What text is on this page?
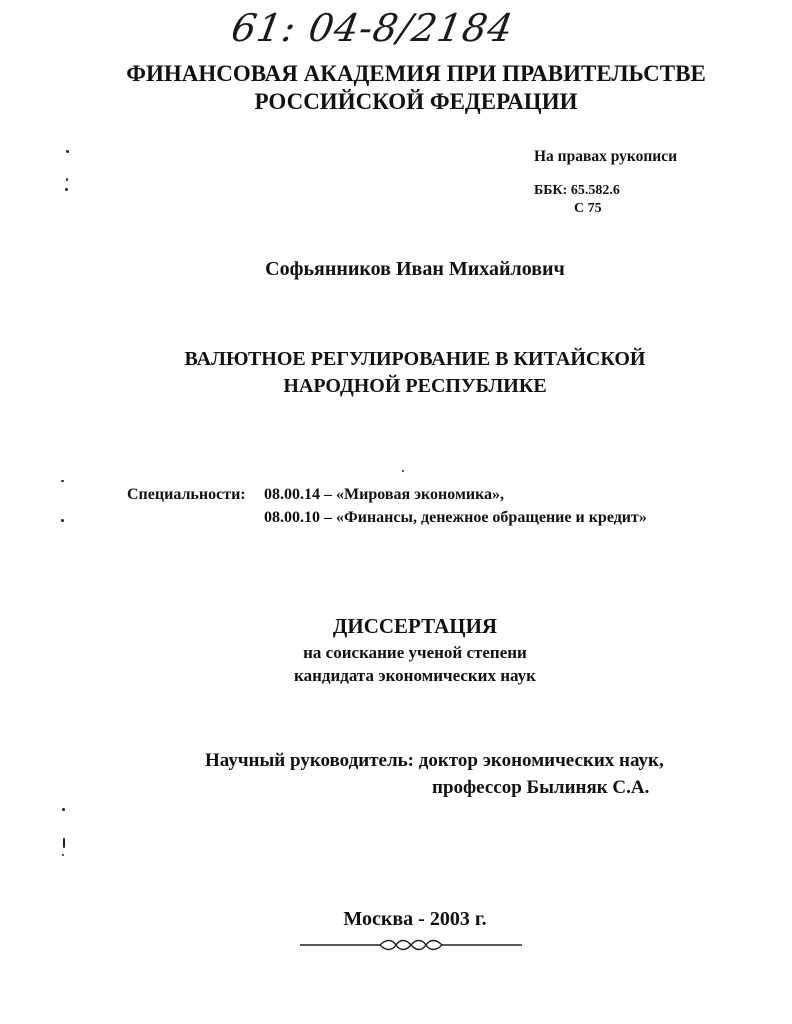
61: 04-8/2184
ФИНАНСОВАЯ АКАДЕМИЯ ПРИ ПРАВИТЕЛЬСТВЕ
РОССИЙСКОЙ ФЕДЕРАЦИИ
На правах рукописи
ББК: 65.582.6
С 75
Софьянников Иван Михайлович
ВАЛЮТНОЕ РЕГУЛИРОВАНИЕ В КИТАЙСКОЙ
НАРОДНОЙ РЕСПУБЛИКЕ
Специальности: 08.00.14 – «Мировая экономика»,
08.00.10 – «Финансы, денежное обращение и кредит»
ДИССЕРТАЦИЯ
на соискание ученой степени
кандидата экономических наук
Научный руководитель: доктор экономических наук,
профессор Былиняк С.А.
Москва - 2003 г.
